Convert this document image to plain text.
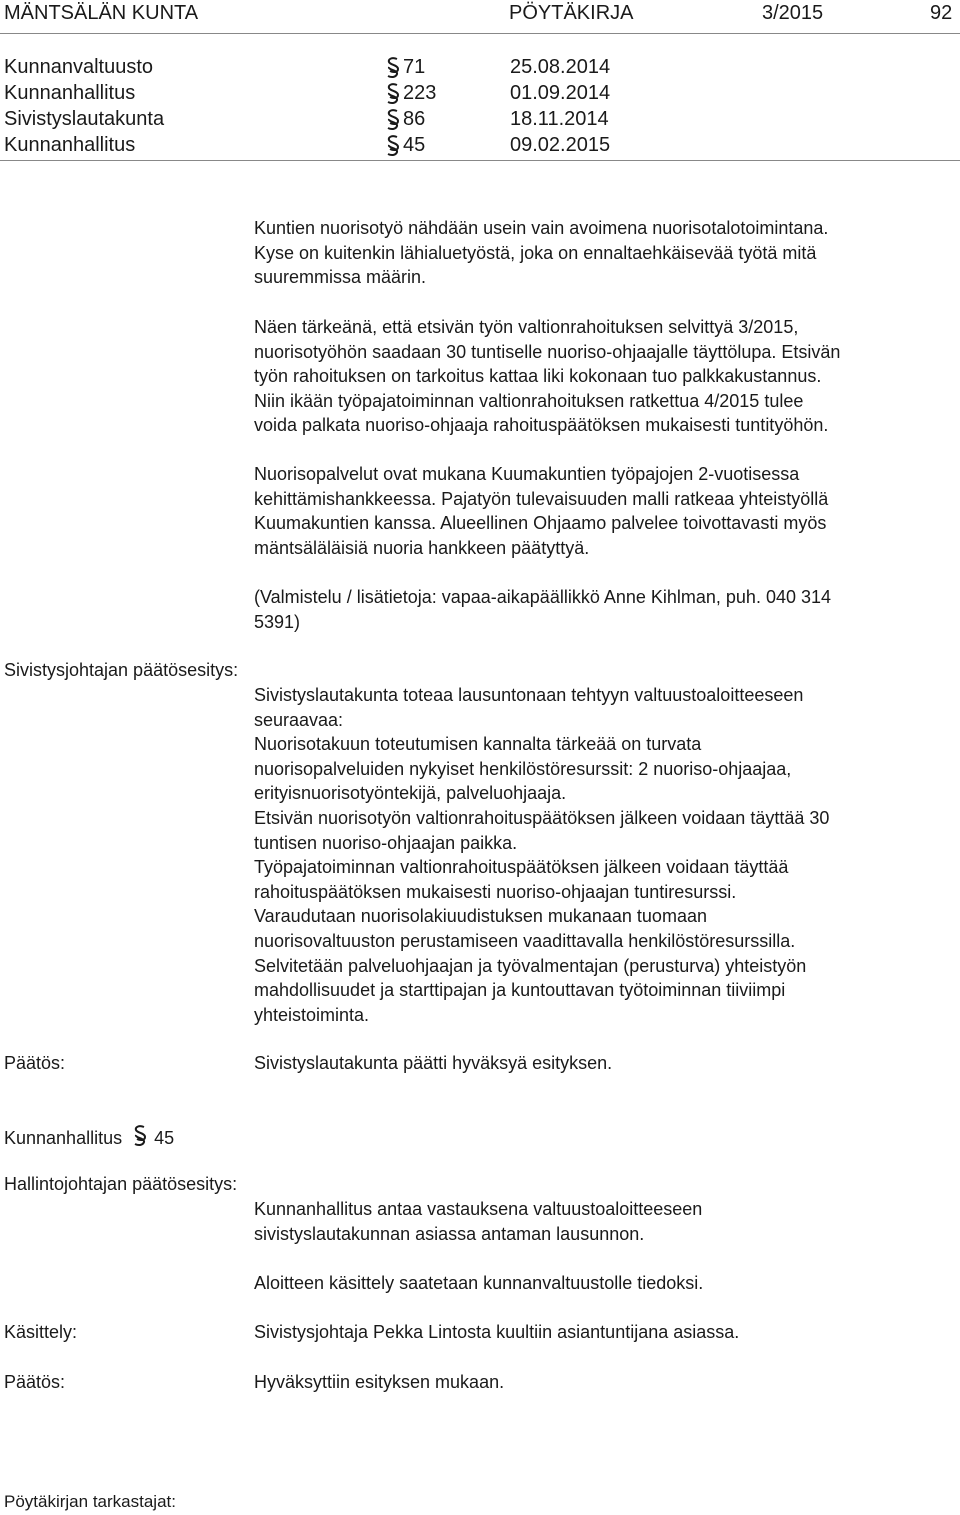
MÄNTSÄLÄN KUNTA	PÖYTÄKIRJA	3/2015	92
Kunnanvaltuusto	71	25.08.2014
Kunnanhallitus	223	01.09.2014
Sivistyslautakunta	86	18.11.2014
Kunnanhallitus	45	09.02.2015
Kuntien nuorisotyö nähdään usein vain avoimena nuorisotalotoimintana.
Kyse on kuitenkin lähialuetyöstä, joka on ennaltaehkäisevää työtä mitä
suuremmissa määrin.
Näen tärkeänä, että etsivän työn valtionrahoituksen selvittyä 3/2015,
nuorisotyöhön saadaan 30 tuntiselle nuoriso-ohjaajalle täyttölupa. Etsivän
työn rahoituksen on tarkoitus kattaa liki kokonaan tuo palkkakustannus.
Niin ikään työpajatoiminnan valtionrahoituksen ratkettua 4/2015 tulee
voida palkata nuoriso-ohjaaja rahoituspäätöksen mukaisesti tuntityöhön.
Nuorisopalvelut ovat mukana Kuumakuntien työpajojen 2-vuotisessa
kehittämishankkeessa. Pajatyön tulevaisuuden malli ratkeaa yhteistyöllä
Kuumakuntien kanssa. Alueellinen Ohjaamo palvelee toivottavasti myös
mäntsäläläisiä nuoria hankkeen päätyttyä.
(Valmistelu / lisätietoja: vapaa-aikapäällikkö Anne Kihlman, puh. 040 314
5391)
Sivistysjohtajan päätösesitys:
Sivistyslautakunta toteaa lausuntonaan tehtyyn valtuustoaloitteeseen
seuraavaa:
Nuorisotakuun toteutumisen kannalta tärkeää on turvata
nuorisopalveluiden nykyiset henkilöstöresurssit: 2 nuoriso-ohjaajaa,
erityisnuorisotyöntekijä, palveluohjaaja.
Etsivän nuorisotyön valtionrahoituspäätöksen jälkeen voidaan täyttää 30
tuntisen nuoriso-ohjaajan paikka.
Työpajatoiminnan valtionrahoituspäätöksen jälkeen voidaan täyttää
rahoituspäätöksen mukaisesti nuoriso-ohjaajan tuntiresurssi.
Varaudutaan nuorisolakiuudistuksen mukanaan tuomaan
nuorisovaltuuston perustamiseen vaadittavalla henkilöstöresurssilla.
Selvitetään palveluohjaajan ja työvalmentajan (perusturva) yhteistyön
mahdollisuudet ja starttipajan ja kuntouttavan työtoiminnan tiiviimpi
yhteistoiminta.
Päätös:	Sivistyslautakunta päätti hyväksyä esityksen.
Kunnanhallitus 45
Hallintojohtajan päätösesitys:
Kunnanhallitus antaa vastauksena valtuustoaloitteeseen
sivistyslautakunnan asiassa antaman lausunnon.
Aloitteen käsittely saatetaan kunnanvaltuustolle tiedoksi.
Käsittely:	Sivistysjohtaja Pekka Lintosta kuultiin asiantuntijana asiassa.
Päätös:	Hyväksyttiin esityksen mukaan.
Pöytäkirjan tarkastajat:
